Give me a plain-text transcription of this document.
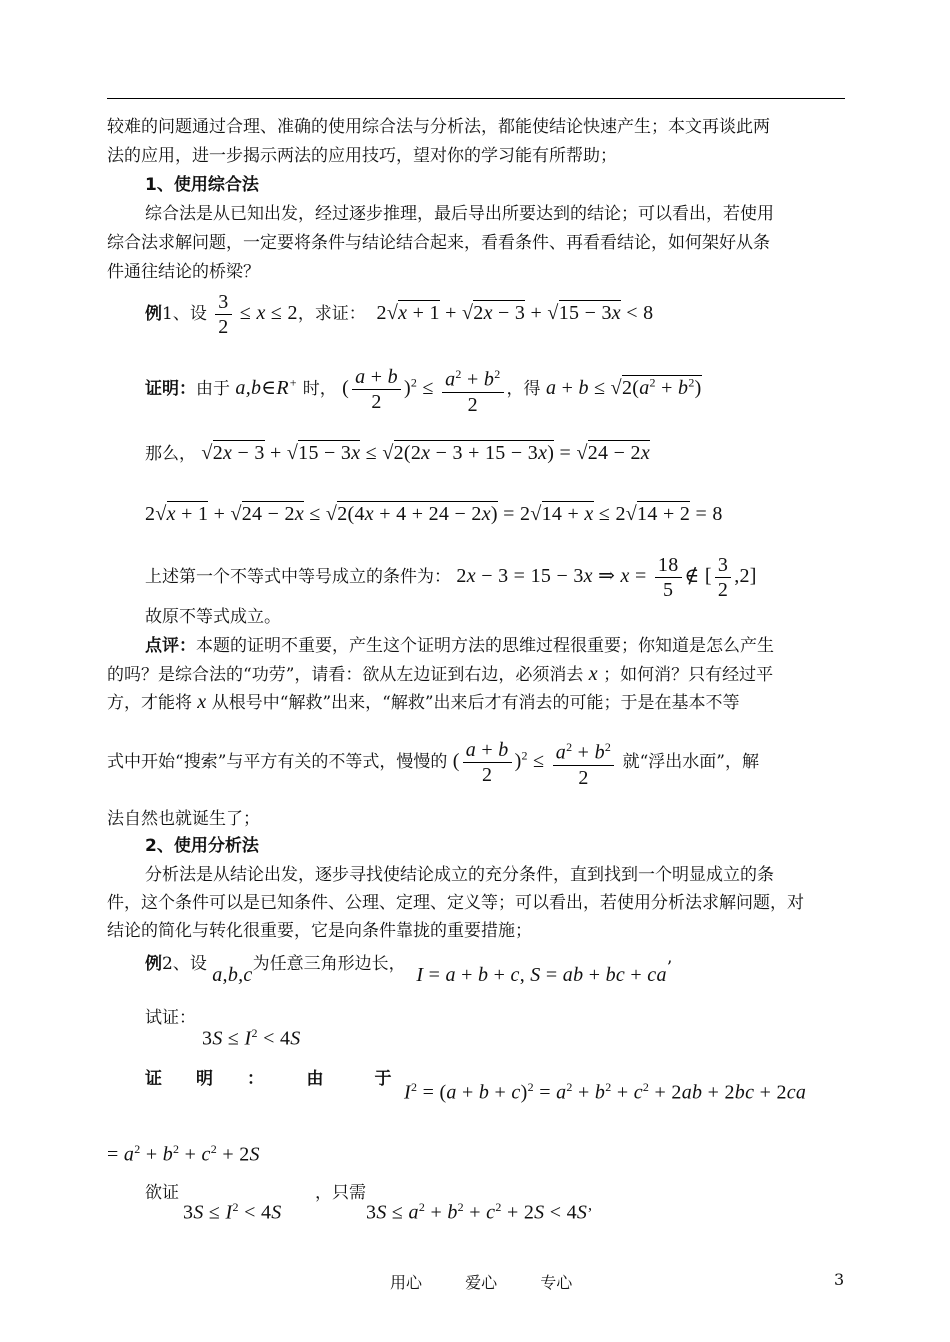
较难的问题通过合理、准确的使用综合法与分析法，都能使结论快速产生；本文再谈此两
法的应用，进一步揭示两法的应用技巧，望对你的学习能有所帮助；
1、使用综合法
综合法是从已知出发，经过逐步推理，最后导出所要达到的结论；可以看出，若使用
综合法求解问题，一定要将条件与结论结合起来，看看条件、再看看结论，如何架好从条
件通往结论的桥梁？
例1、设 $\frac{3}{2} \le x \le 2$，求证：  2 √ x + 1 + √ 2x − 3 + √ 15 − 3x < 8
证明：由于 a,b∈R+ 时， ( $\frac{a + b}{2} )^2 \le \frac{a^2 + b^2}{2}$ ，得 a + b ≤ √ $2(a^2 + b^2)$
那么， √ 2x − 3 + √ 15 − 3x ≤ √ 2(2x − 3 + 15 − 3x) = √ 24 − 2x
2 √ x + 1 + √ 24 − 2x ≤ √ 2(4x + 4 + 24 − 2x) = 2 √ 14 + x ≤ 2 √ 14 + 2 = 8
上述第一个不等式中等号成立的条件为： 2x − 3 = 15 − 3x ⇒ $x = \frac{18}{5}$ ∉ [ $\frac{3}{2} ,2$]
故原不等式成立。
点评：本题的证明不重要，产生这个证明方法的思维过程很重要；你知道是怎么产生
的吗？是综合法的“功劳”，请看：欲从左边证到右边，必须消去 x ；如何消？只有经过平
方，才能将 x 从根号中“解救”出来，“解救”出来后才有消去的可能；于是在基本不等
式中开始“搜索”与平方有关的不等式，慢慢的 ( $\frac{a + b}{2} )^2 \le \frac{a^2 + b^2}{2}$ 就“浮出水面”，解
法自然也就诞生了；
2、使用分析法
分析法是从结论出发，逐步寻找使结论成立的充分条件，直到找到一个明显成立的条
件，这个条件可以是已知条件、公理、定理、定义等；可以看出，若使用分析法求解问题，对
结论的简化与转化很重要，它是向条件靠拢的重要措施；
例2、设 a,b,c为任意三角形边长， I = a + b + c, S = ab + bc + ca’
试证：
$3S \le I^2 < 4S$
证　　明　　：　　　由　　　于
$I^2 = (a + b + c)^2 = a^2 + b^2 + c^2 + 2ab + 2bc + 2ca$
= $a^2 + b^2 + c^2 + 2S$
欲证
$3S \le I^2 < 4S$
，只需
$3S \le a^2 + b^2 + c^2 + 2S < 4S$’
用心	爱心	专心	3
